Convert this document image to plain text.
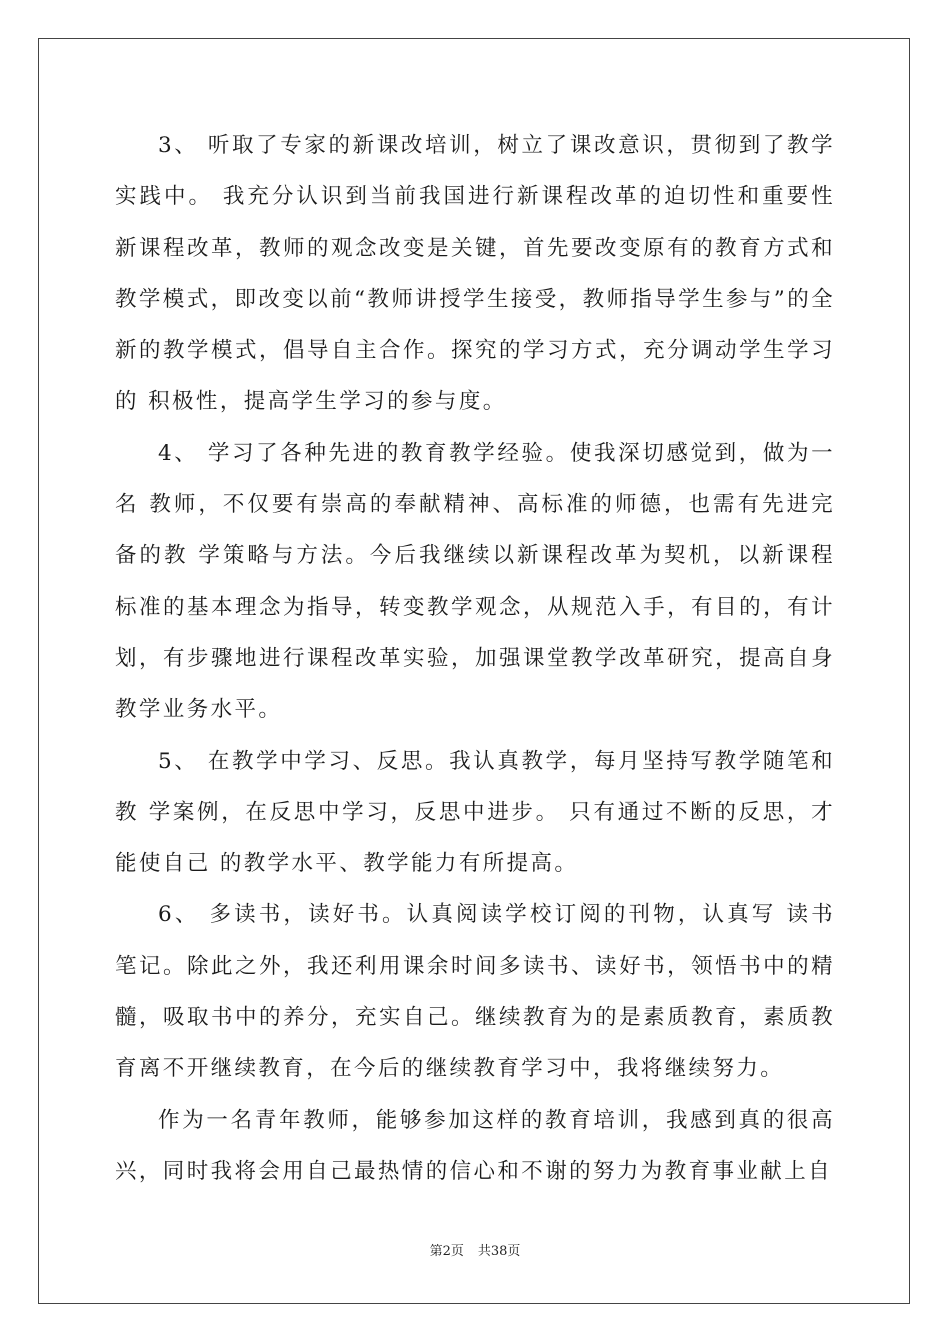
3、 听取了专家的新课改培训，树立了课改意识，贯彻到了教学实践中。 我充分认识到当前我国进行新课程改革的迫切性和重要性新课程改革，教师的观念改变是关键，首先要改变原有的教育方式和教学模式，即改变以前“教师讲授学生接受，教师指导学生参与”的全 新的教学模式，倡导自主合作。探究的学习方式，充分调动学生学习的 积极性，提高学生学习的参与度。

4、 学习了各种先进的教育教学经验。使我深切感觉到，做为一名 教师，不仅要有崇高的奉献精神、高标准的师德，也需有先进完备的教 学策略与方法。今后我继续以新课程改革为契机，以新课程标准的基本理念为指导，转变教学观念，从规范入手，有目的，有计划，有步骤地进行课程改革实验，加强课堂教学改革研究，提高自身教学业务水平。

5、 在教学中学习、反思。我认真教学，每月坚持写教学随笔和教 学案例，在反思中学习，反思中进步。 只有通过不断的反思，才能使自己 的教学水平、教学能力有所提高。

6、 多读书，读好书。认真阅读学校订阅的刊物，认真写 读书笔记。除此之外，我还利用课余时间多读书、读好书，领悟书中的精髓，吸取书中的养分，充实自己。继续教育为的是素质教育，素质教育离不开继续教育，在今后的继续教育学习中，我将继续努力。

作为一名青年教师，能够参加这样的教育培训，我感到真的很高兴，同时我将会用自己最热情的信心和不谢的努力为教育事业献上自

第2页 共38页
